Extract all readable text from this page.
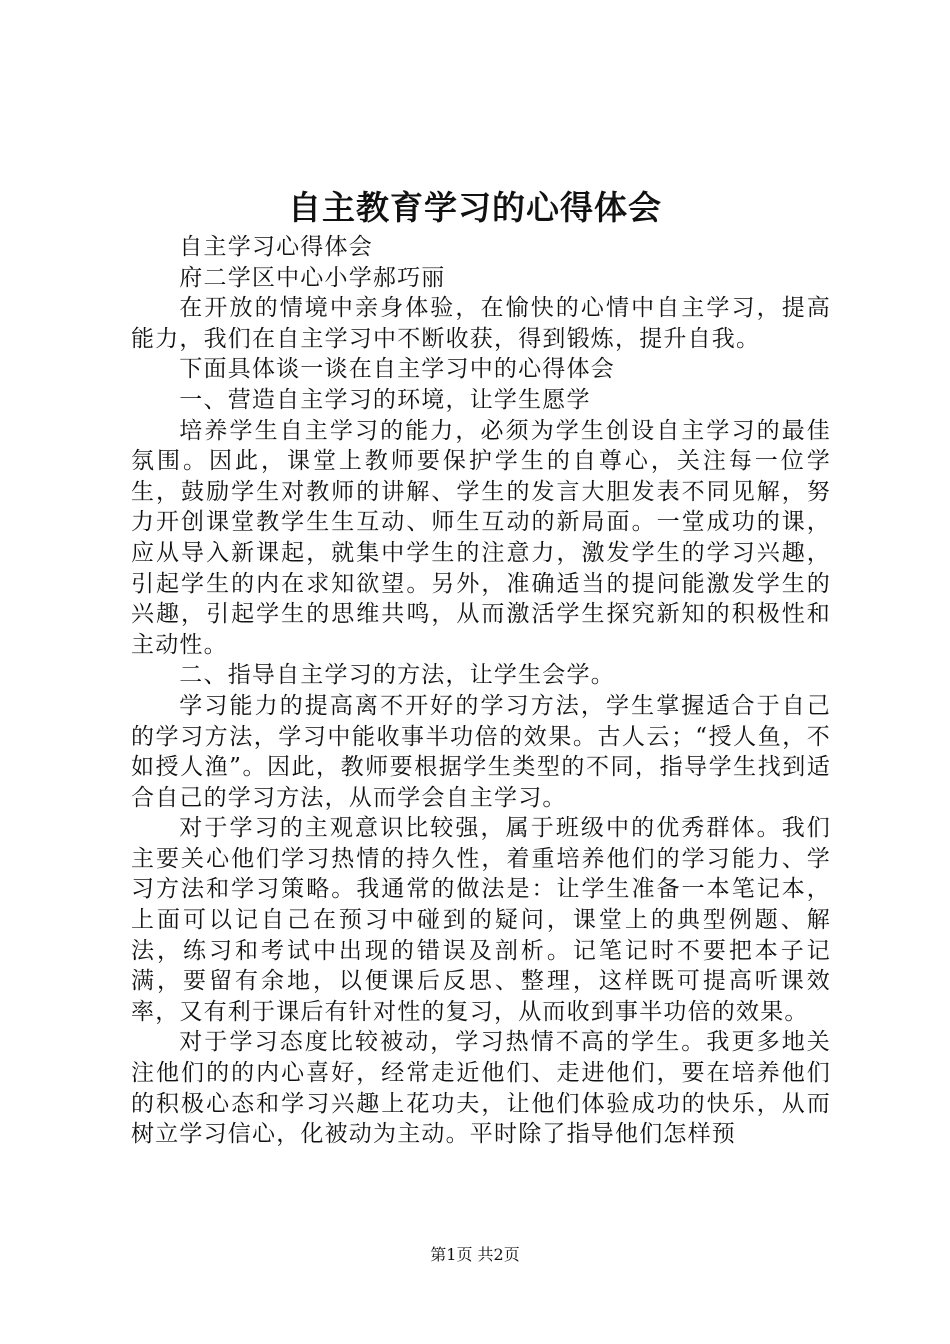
自主教育学习的心得体会

自主学习心得体会

府二学区中心小学郝巧丽

在开放的情境中亲身体验，在愉快的心情中自主学习，提高能力，我们在自主学习中不断收获，得到锻炼，提升自我。

下面具体谈一谈在自主学习中的心得体会

一、营造自主学习的环境，让学生愿学

培养学生自主学习的能力，必须为学生创设自主学习的最佳氛围。因此，课堂上教师要保护学生的自尊心，关注每一位学生，鼓励学生对教师的讲解、学生的发言大胆发表不同见解，努力开创课堂教学生生互动、师生互动的新局面。一堂成功的课，应从导入新课起，就集中学生的注意力，激发学生的学习兴趣，引起学生的内在求知欲望。另外，准确适当的提问能激发学生的兴趣，引起学生的思维共鸣，从而激活学生探究新知的积极性和主动性。

二、指导自主学习的方法，让学生会学。

学习能力的提高离不开好的学习方法，学生掌握适合于自己的学习方法，学习中能收事半功倍的效果。古人云；“授人鱼，不如授人渔”。因此，教师要根据学生类型的不同，指导学生找到适合自己的学习方法，从而学会自主学习。

对于学习的主观意识比较强，属于班级中的优秀群体。我们主要关心他们学习热情的持久性，着重培养他们的学习能力、学习方法和学习策略。我通常的做法是：让学生准备一本笔记本，上面可以记自己在预习中碰到的疑问，课堂上的典型例题、解法，练习和考试中出现的错误及剖析。记笔记时不要把本子记满，要留有余地，以便课后反思、整理，这样既可提高听课效率，又有利于课后有针对性的复习，从而收到事半功倍的效果。

对于学习态度比较被动，学习热情不高的学生。我更多地关注他们的的内心喜好，经常走近他们、走进他们，要在培养他们的积极心态和学习兴趣上花功夫，让他们体验成功的快乐，从而树立学习信心，化被动为主动。平时除了指导他们怎样预

第1页 共2页
